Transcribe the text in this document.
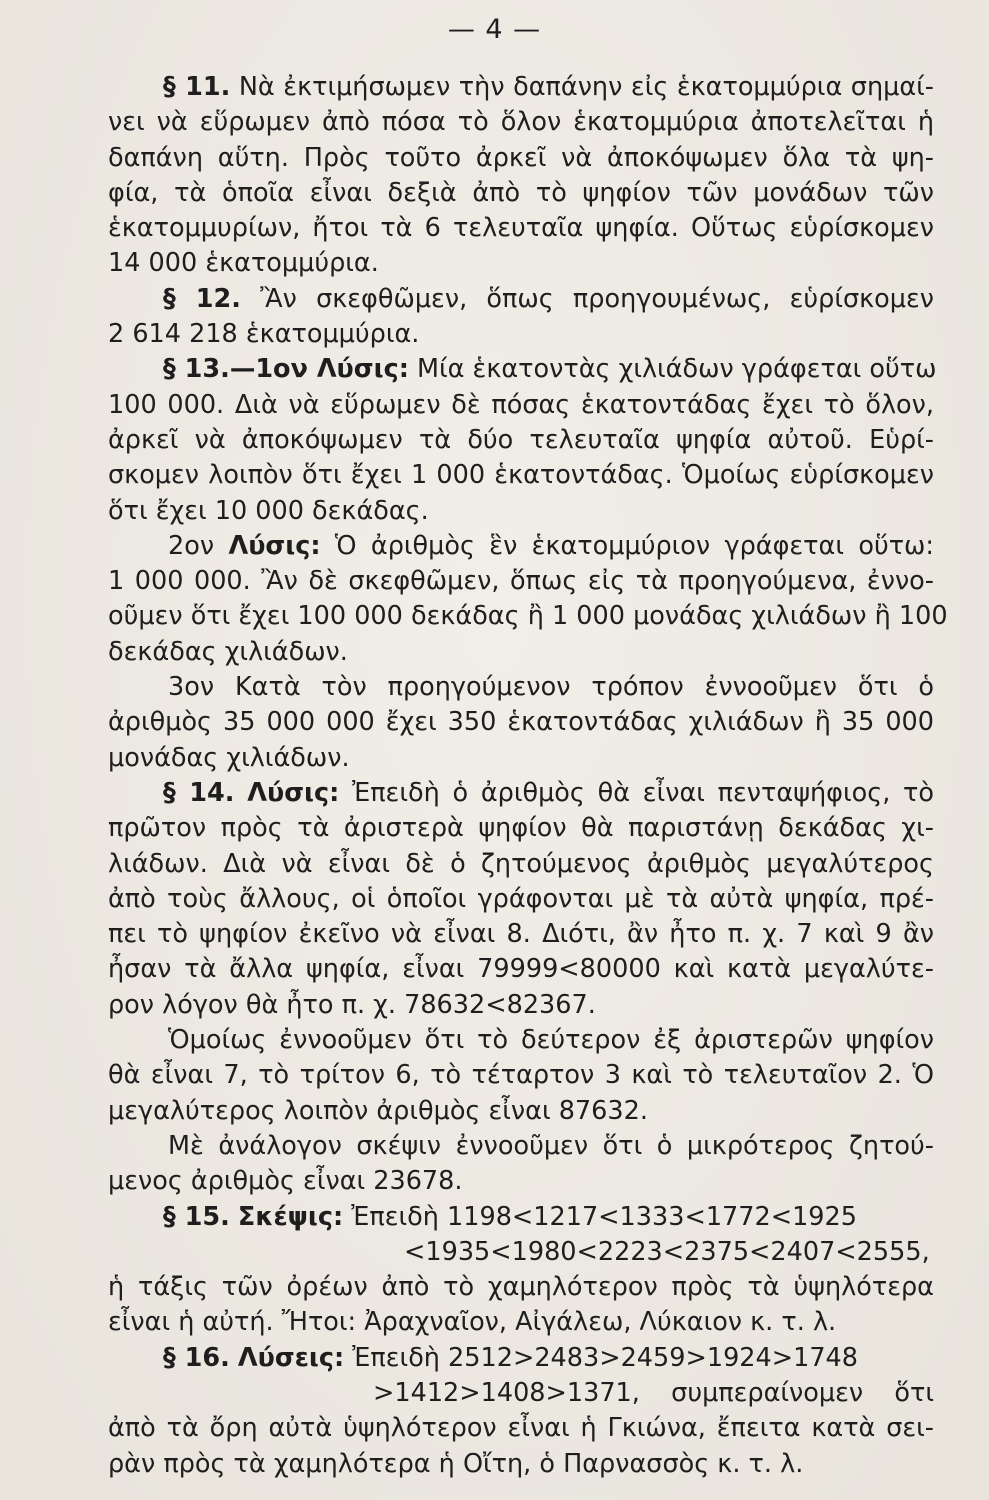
— 4 —
§ 11. Νὰ ἐκτιμήσωμεν τὴν δαπάνην εἰς ἑκατομμύρια σημαί-
νει νὰ εὕρωμεν ἀπὸ πόσα τὸ ὅλον ἑκατομμύρια ἀποτελεῖται ἡ
δαπάνη αὕτη. Πρὸς τοῦτο ἀρκεῖ νὰ ἀποκόψωμεν ὅλα τὰ ψη-
φία, τὰ ὁποῖα εἶναι δεξιὰ ἀπὸ τὸ ψηφίον τῶν μονάδων τῶν
ἑκατομμυρίων, ἤτοι τὰ 6 τελευταῖα ψηφία. Οὕτως εὑρίσκομεν
14 000 ἑκατομμύρια.
§ 12. Ἂν σκεφθῶμεν, ὅπως προηγουμένως, εὑρίσκομεν
2 614 218 ἑκατομμύρια.
§ 13.—1ον Λύσις: Μία ἑκατοντὰς χιλιάδων γράφεται οὕτω
100 000. Διὰ νὰ εὕρωμεν δὲ πόσας ἑκατοντάδας ἔχει τὸ ὅλον,
ἀρκεῖ νὰ ἀποκόψωμεν τὰ δύο τελευταῖα ψηφία αὐτοῦ. Εὑρί-
σκομεν λοιπὸν ὅτι ἔχει 1 000 ἑκατοντάδας. Ὁμοίως εὑρίσκομεν
ὅτι ἔχει 10 000 δεκάδας.
2ον Λύσις: Ὁ ἀριθμὸς ἓν ἑκατομμύριον γράφεται οὕτω:
1 000 000. Ἂν δὲ σκεφθῶμεν, ὅπως εἰς τὰ προηγούμενα, ἐννο-
οῦμεν ὅτι ἔχει 100 000 δεκάδας ἢ 1 000 μονάδας χιλιάδων ἢ 100
δεκάδας χιλιάδων.
3ον Κατὰ τὸν προηγούμενον τρόπον ἐννοοῦμεν ὅτι ὁ
ἀριθμὸς 35 000 000 ἔχει 350 ἑκατοντάδας χιλιάδων ἢ 35 000
μονάδας χιλιάδων.
§ 14. Λύσις: Ἐπειδὴ ὁ ἀριθμὸς θὰ εἶναι πενταψήφιος, τὸ
πρῶτον πρὸς τὰ ἀριστερὰ ψηφίον θὰ παριστάνῃ δεκάδας χι-
λιάδων. Διὰ νὰ εἶναι δὲ ὁ ζητούμενος ἀριθμὸς μεγαλύτερος
ἀπὸ τοὺς ἄλλους, οἱ ὁποῖοι γράφονται μὲ τὰ αὐτὰ ψηφία, πρέ-
πει τὸ ψηφίον ἐκεῖνο νὰ εἶναι 8. Διότι, ἂν ἦτο π. χ. 7 καὶ 9 ἂν
ἦσαν τὰ ἄλλα ψηφία, εἶναι 79999<80000 καὶ κατὰ μεγαλύτε-
ρον λόγον θὰ ἦτο π. χ. 78632<82367.
Ὁμοίως ἐννοοῦμεν ὅτι τὸ δεύτερον ἐξ ἀριστερῶν ψηφίον
θὰ εἶναι 7, τὸ τρίτον 6, τὸ τέταρτον 3 καὶ τὸ τελευταῖον 2. Ὁ
μεγαλύτερος λοιπὸν ἀριθμὸς εἶναι 87632.
Μὲ ἀνάλογον σκέψιν ἐννοοῦμεν ὅτι ὁ μικρότερος ζητού-
μενος ἀριθμὸς εἶναι 23678.
§ 15. Σκέψις: Ἐπειδὴ 1198<1217<1333<1772<1925
<1935<1980<2223<2375<2407<2555,
ἡ τάξις τῶν ὀρέων ἀπὸ τὸ χαμηλότερον πρὸς τὰ ὑψηλότερα
εἶναι ἡ αὐτή. Ἤτοι: Ἀραχναῖον, Αἰγάλεω, Λύκαιον κ. τ. λ.
§ 16. Λύσεις: Ἐπειδὴ 2512>2483>2459>1924>1748
>1412>1408>1371, συμπεραίνομεν ὅτι
ἀπὸ τὰ ὄρη αὐτὰ ὑψηλότερον εἶναι ἡ Γκιώνα, ἔπειτα κατὰ σει-
ρὰν πρὸς τὰ χαμηλότερα ἡ Οἴτη, ὁ Παρνασσὸς κ. τ. λ.
